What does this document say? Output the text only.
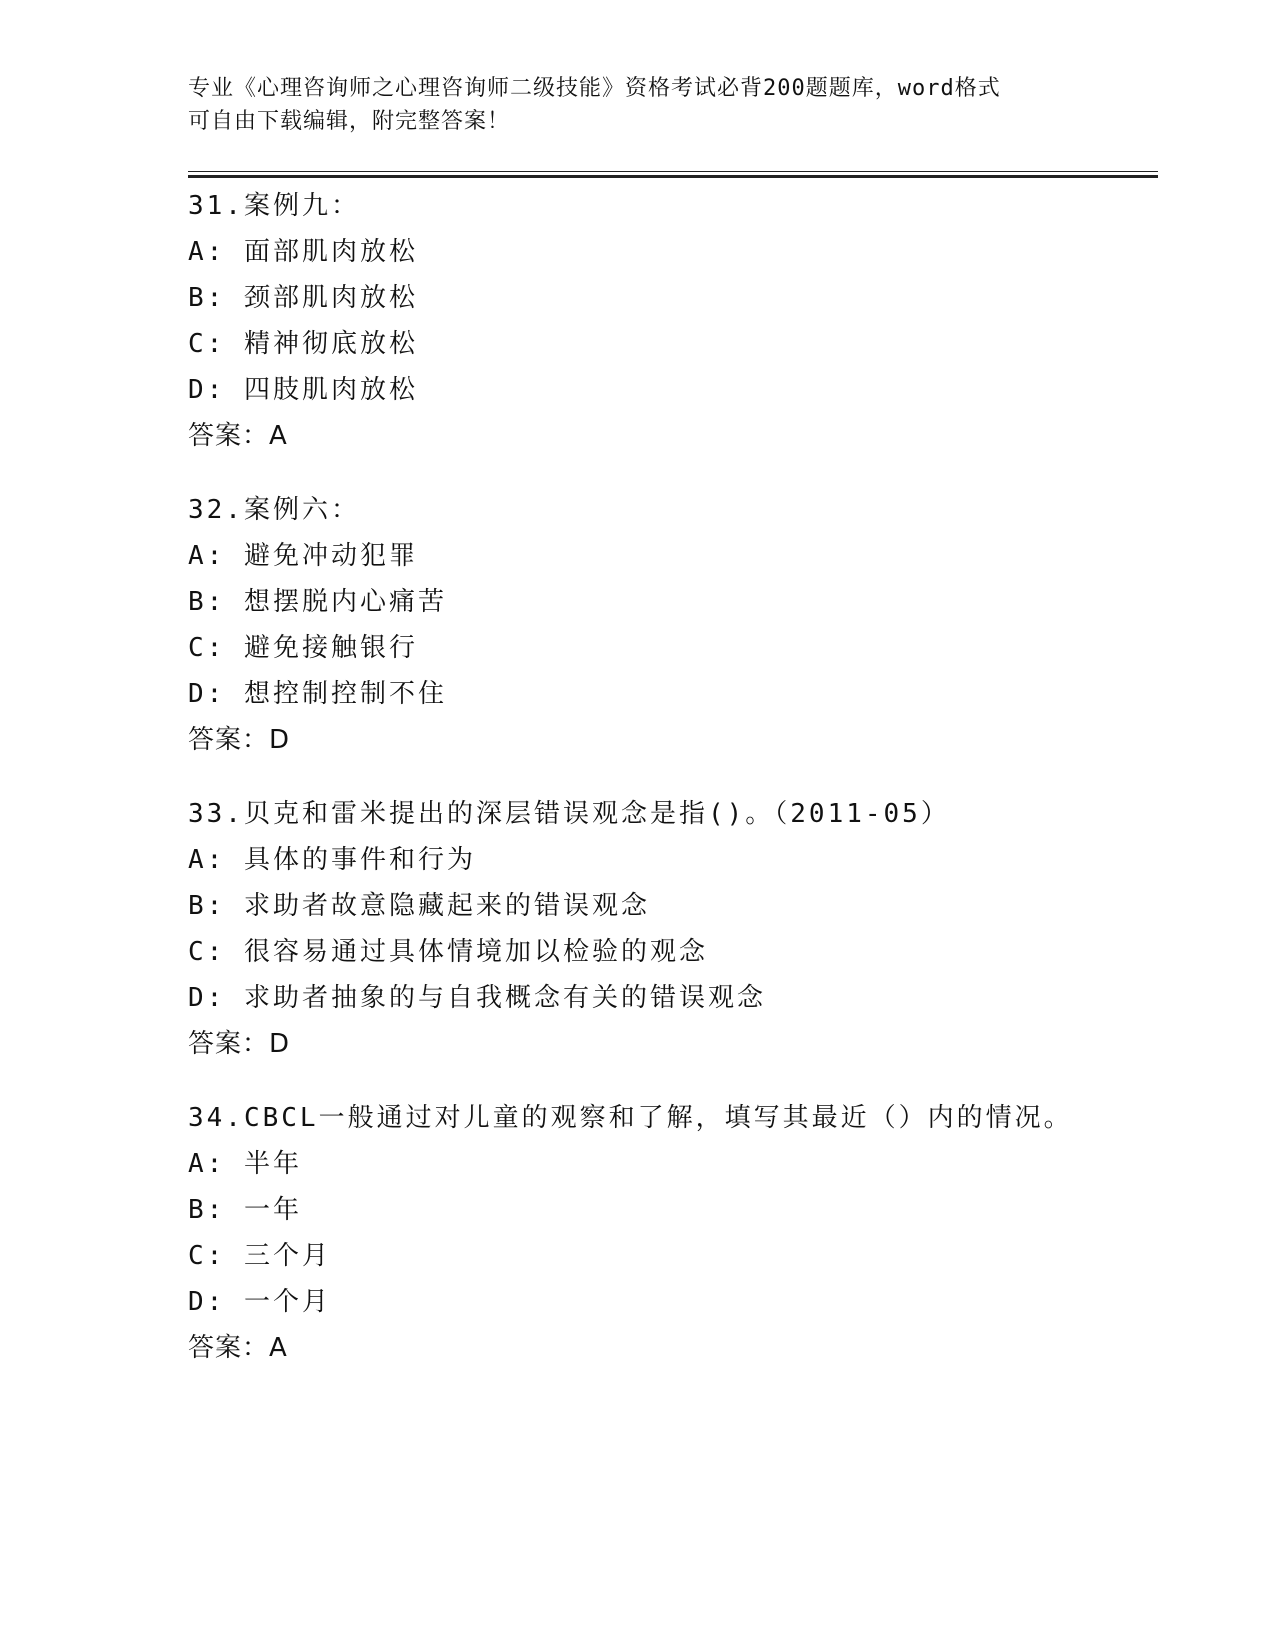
专业《心理咨询师之心理咨询师二级技能》资格考试必背200题题库，word格式
可自由下载编辑，附完整答案！
31.案例九：
A: 面部肌肉放松
B: 颈部肌肉放松
C: 精神彻底放松
D: 四肢肌肉放松
答案：A
32.案例六：
A: 避免冲动犯罪
B: 想摆脱内心痛苦
C: 避免接触银行
D: 想控制控制不住
答案：D
33.贝克和雷米提出的深层错误观念是指()。（2011-05）
A: 具体的事件和行为
B: 求助者故意隐藏起来的错误观念
C: 很容易通过具体情境加以检验的观念
D: 求助者抽象的与自我概念有关的错误观念
答案：D
34.CBCL一般通过对儿童的观察和了解，填写其最近（）内的情况。
A: 半年
B: 一年
C: 三个月
D: 一个月
答案：A
